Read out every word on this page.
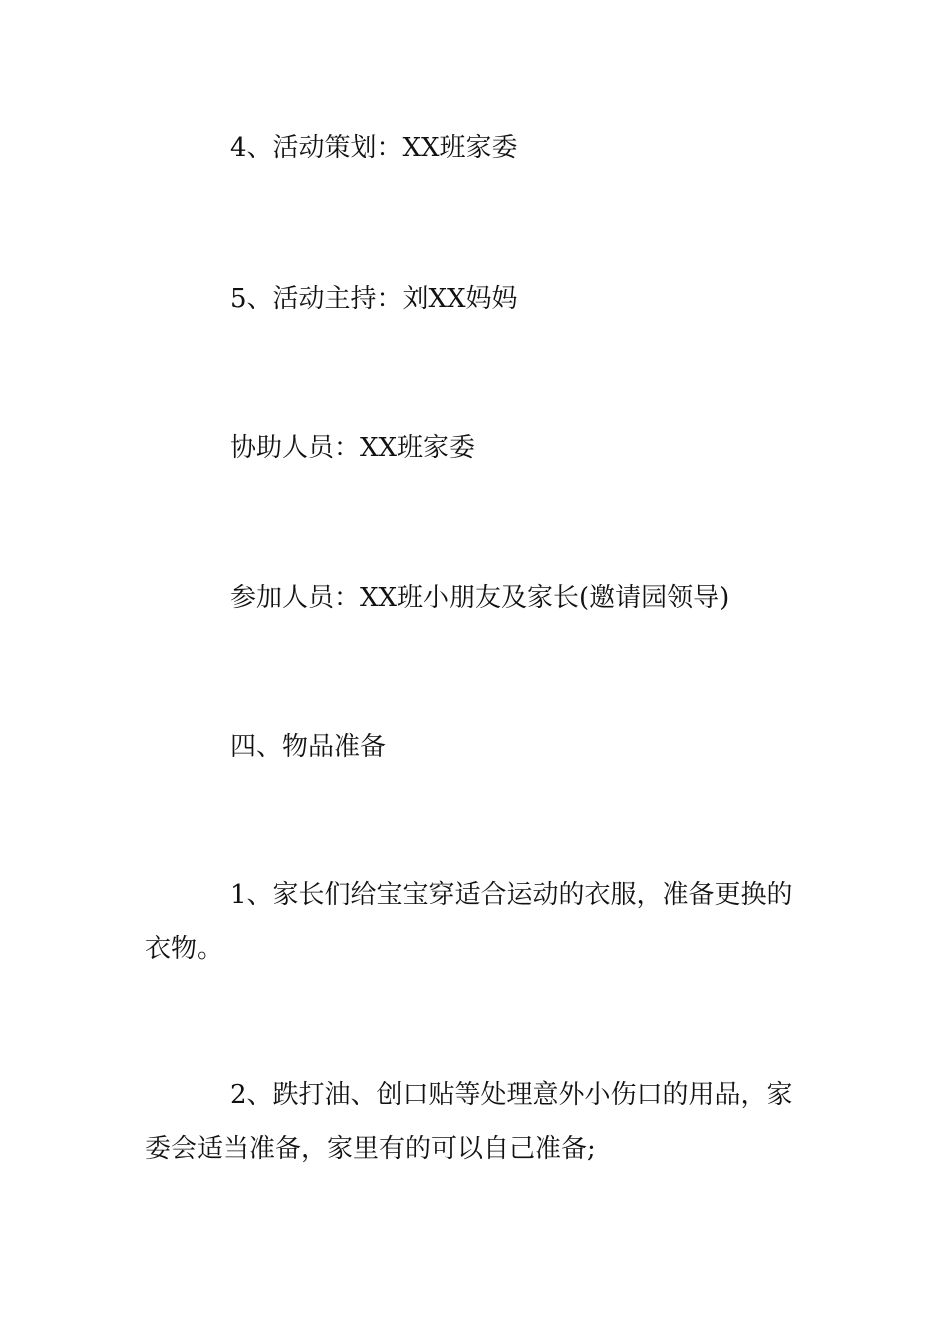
4、活动策划：XX班家委

5、活动主持：刘XX妈妈

协助人员：XX班家委

参加人员：XX班小朋友及家长(邀请园领导)

四、物品准备

1、家长们给宝宝穿适合运动的衣服，准备更换的衣物。

2、跌打油、创口贴等处理意外小伤口的用品，家委会适当准备，家里有的可以自己准备;
